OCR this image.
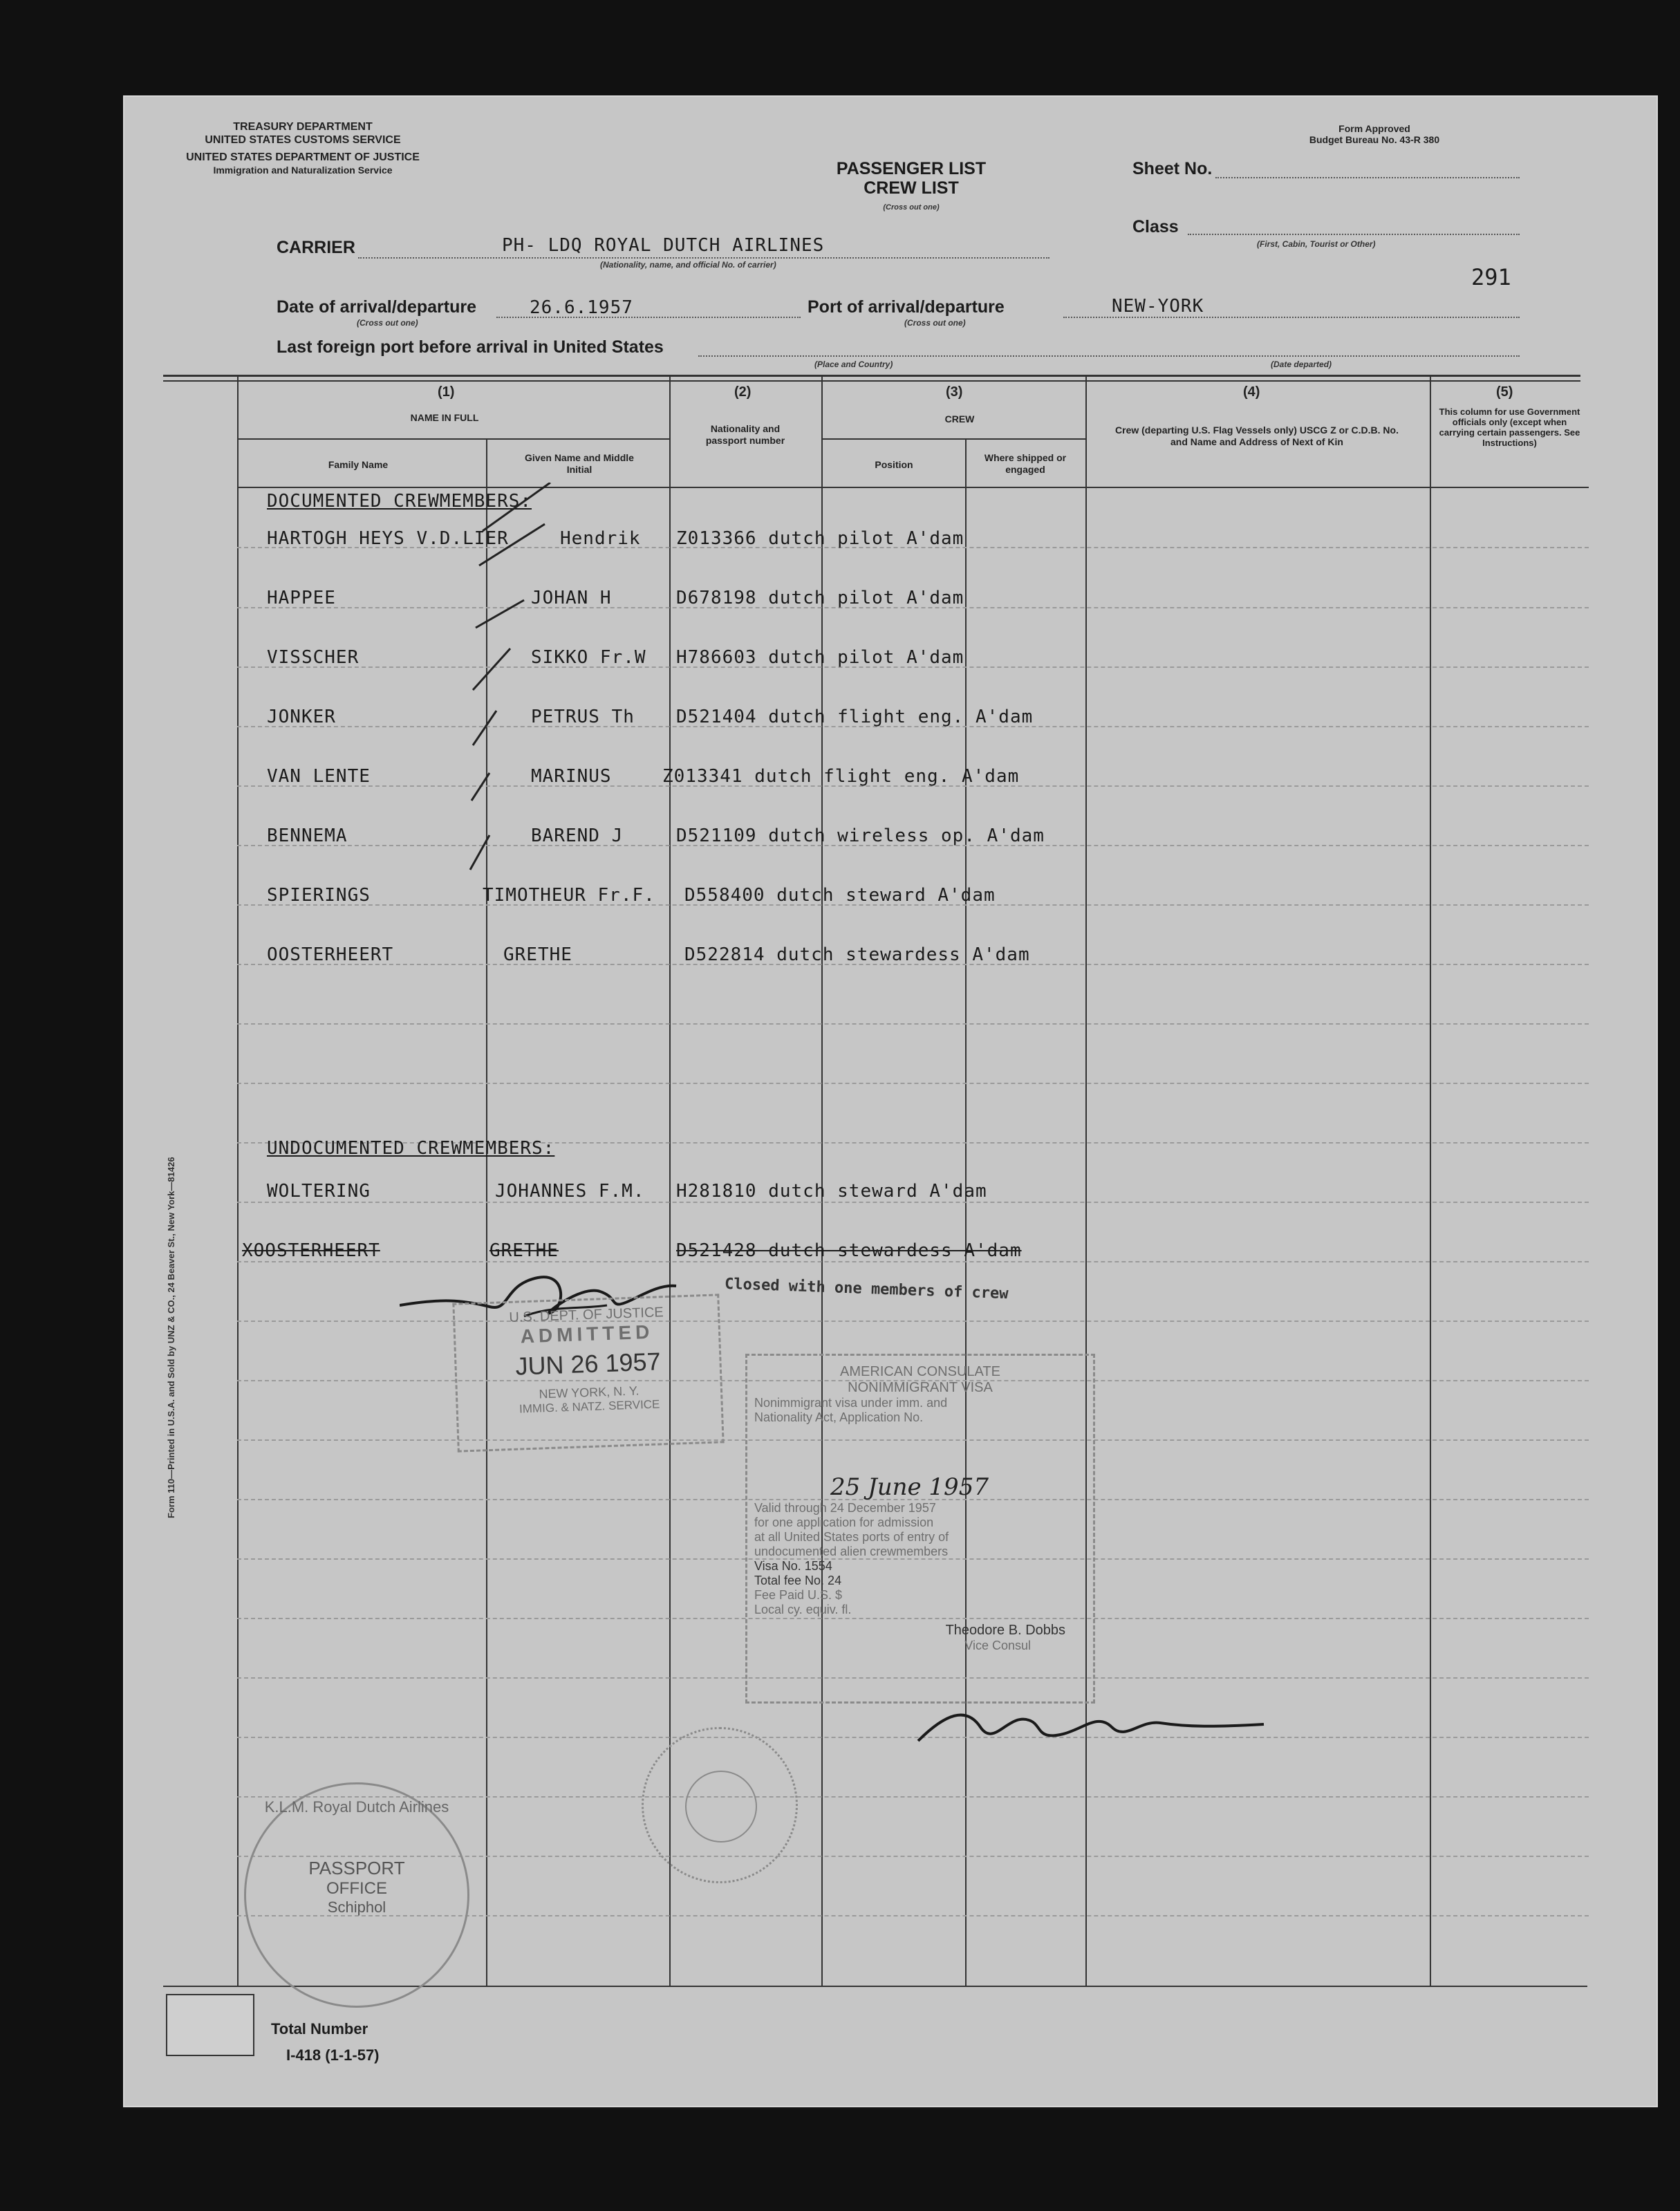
TREASURY DEPARTMENT
UNITED STATES CUSTOMS SERVICE
UNITED STATES DEPARTMENT OF JUSTICE
Immigration and Naturalization Service
Form Approved
Budget Bureau No. 43-R 380
PASSENGER LIST
CREW LIST
(Cross out one)
Sheet No.
Class
(First, Cabin, Tourist or Other)
291
CARRIER	PH- LDQ ROYAL DUTCH AIRLINES
(Nationality, name, and official No. of carrier)
Date of arrival/departure
(Cross out one)
26.6.1957	Port of arrival/departure
(Cross out one)
NEW-YORK
Last foreign port before arrival in United States
(Place and Country)	(Date departed)
(1)
NAME IN FULL
Family Name
Given Name and Middle Initial
(2)
Nationality and passport number
(3)
CREW
Position
Where shipped or engaged
(4)
Crew (departing U.S. Flag Vessels only) USCG Z or C.D.B. No. and Name and Address of Next of Kin
(5)
This column for use Government officials only (except when carrying certain passengers. See Instructions)
DOCUMENTED CREWMEMBERS:
HARTOGH HEYS V.D.LIER	Hendrik Z013366 dutch pilot A'dam
HAPPEE	JOHAN H	D678198 dutch pilot A'dam
VISSCHER	SIKKO Fr.W H786603 dutch pilot A'dam
JONKER	PETRUS Th D521404 dutch flight eng. A'dam
VAN LENTE	MARINUS	Z013341 dutch flight eng. A'dam
BENNEMA	BAREND J	D521109 dutch wireless op. A'dam
SPIERINGS	TIMOTHEUR Fr.F. D558400 dutch steward A'dam
OOSTERHEERT	GRETHE	D522814 dutch stewardess A'dam
UNDOCUMENTED CREWMEMBERS:
WOLTERING	JOHANNES F.M. H281810 dutch steward A'dam
XOOSTERHEERT	GRETHE	D521428 dutch stewardess A'dam
Closed with one members of crew
U.S. DEPT. OF JUSTICE
ADMITTED
JUN 26 1957
NEW YORK, N. Y.
IMMIG. & NATZ. SERVICE
AMERICAN CONSULATE
NONIMMIGRANT VISA
Nonimmigrant visa under imm. and
Nationality Act, Application No.
25 June 1957
Valid through 24 December 1957
for one application for admission
at all United States ports of entry of
undocumented alien crewmembers
Visa No. 1554
Total fee No. 24
Fee Paid U.S. $
Local cy. equiv. fl.
Theodore B. Dobbs
Vice Consul
K.L.M. Royal Dutch Airlines
PASSPORT
OFFICE
Schiphol
Total Number
I-418 (1-1-57)
Form 110—Printed in U.S.A. and Sold by UNZ & CO., 24 Beaver St., New York—81426
